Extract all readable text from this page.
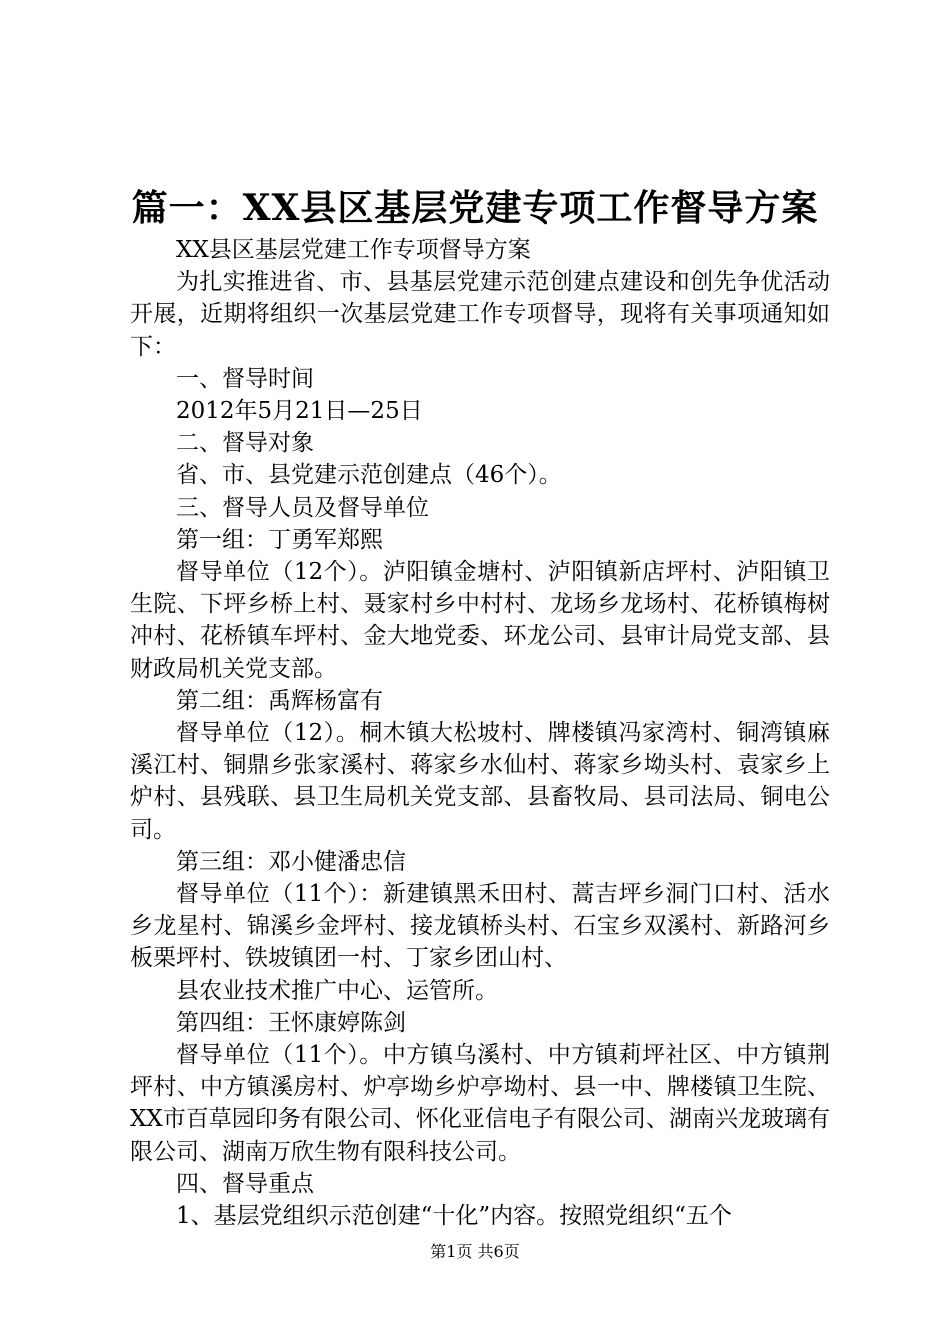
篇一：XX县区基层党建专项工作督导方案

XX县区基层党建工作专项督导方案

为扎实推进省、市、县基层党建示范创建点建设和创先争优活动开展，近期将组织一次基层党建工作专项督导，现将有关事项通知如下：

一、督导时间

2012年5月21日—25日

二、督导对象

省、市、县党建示范创建点（46个）。

三、督导人员及督导单位

第一组：丁勇军郑熙

督导单位（12个）。泸阳镇金塘村、泸阳镇新店坪村、泸阳镇卫生院、下坪乡桥上村、聂家村乡中村村、龙场乡龙场村、花桥镇梅树冲村、花桥镇车坪村、金大地党委、环龙公司、县审计局党支部、县财政局机关党支部。

第二组：禹辉杨富有

督导单位（12）。桐木镇大松坡村、牌楼镇冯家湾村、铜湾镇麻溪江村、铜鼎乡张家溪村、蒋家乡水仙村、蒋家乡坳头村、袁家乡上炉村、县残联、县卫生局机关党支部、县畜牧局、县司法局、铜电公司。

第三组：邓小健潘忠信

督导单位（11个）：新建镇黑禾田村、蒿吉坪乡洞门口村、活水乡龙星村、锦溪乡金坪村、接龙镇桥头村、石宝乡双溪村、新路河乡板栗坪村、铁坡镇团一村、丁家乡团山村、

县农业技术推广中心、运管所。

第四组：王怀康婷陈剑

督导单位（11个）。中方镇乌溪村、中方镇莉坪社区、中方镇荆坪村、中方镇溪房村、炉亭坳乡炉亭坳村、县一中、牌楼镇卫生院、XX市百草园印务有限公司、怀化亚信电子有限公司、湖南兴龙玻璃有限公司、湖南万欣生物有限科技公司。

四、督导重点

1、基层党组织示范创建“十化”内容。按照党组织“五个

第1页 共6页
